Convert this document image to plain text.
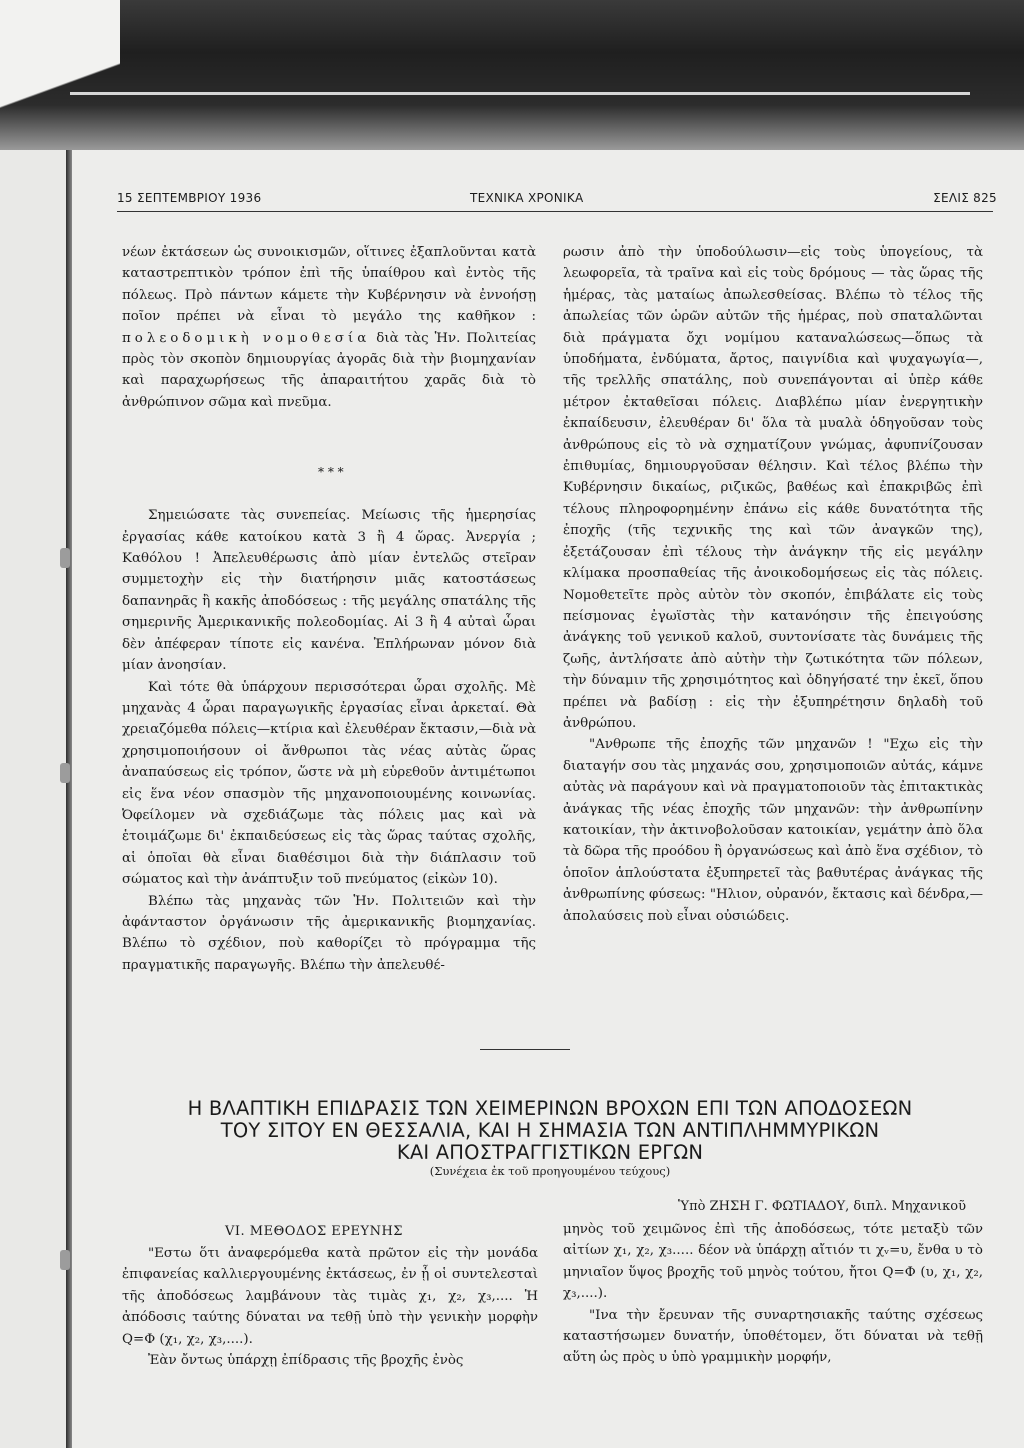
15 ΣΕΠΤΕΜΒΡΙΟΥ 1936	ΤΕΧΝΙΚΑ ΧΡΟΝΙΚΑ	ΣΕΛΙΣ 825

νέων ἐκτάσεων ὡς συνοικισμῶν, οἵτινες ἐξαπλοῦνται κατὰ καταστρεπτικὸν τρόπον ἐπὶ τῆς ὑπαίθρου καὶ ἐντὸς τῆς πόλεως. Πρὸ πάντων κάμετε τὴν Κυβέρνησιν νὰ ἐννοήσῃ ποῖον πρέπει νὰ εἶναι τὸ μεγάλο της καθῆκον : πολεοδομικὴ νομοθεσία διὰ τὰς Ἡν. Πολιτείας πρὸς τὸν σκοπὸν δημιουργίας ἀγορᾶς διὰ τὴν βιομηχανίαν καὶ παραχωρήσεως τῆς ἀπαραιτήτου χαρᾶς διὰ τὸ ἀνθρώπινον σῶμα καὶ πνεῦμα.

Σημειώσατε τὰς συνεπείας. Μείωσις τῆς ἡμερησίας ἐργασίας κάθε κατοίκου κατὰ 3 ἢ 4 ὥρας. Ἀνεργία ; Καθόλου ! Ἀπελευθέρωσις ἀπὸ μίαν ἐντελῶς στεῖραν συμμετοχὴν εἰς τὴν διατήρησιν μιᾶς κατοστάσεως δαπανηρᾶς ἢ κακῆς ἀποδόσεως : τῆς μεγάλης σπατάλης τῆς σημερινῆς Ἀμερικανικῆς πολεοδομίας. Αἱ 3 ἢ 4 αὐταὶ ὧραι δὲν ἀπέφεραν τίποτε εἰς κανένα. Ἐπλήρωναν μόνον διὰ μίαν ἀνοησίαν.

Καὶ τότε θὰ ὑπάρχουν περισσότεραι ὧραι σχολῆς. Μὲ μηχανὰς 4 ὧραι παραγωγικῆς ἐργασίας εἶναι ἀρκεταί. Θὰ χρειαζόμεθα πόλεις—κτίρια καὶ ἐλευθέραν ἔκτασιν,—διὰ νὰ χρησιμοποιήσουν οἱ ἄνθρωποι τὰς νέας αὐτὰς ὥρας ἀναπαύσεως εἰς τρόπον, ὥστε νὰ μὴ εὑρεθοῦν ἀντιμέτωποι εἰς ἕνα νέον σπασμὸν τῆς μηχανοποιουμένης κοινωνίας. Ὀφείλομεν νὰ σχεδιάζωμε τὰς πόλεις μας καὶ νὰ ἑτοιμάζωμε δι' ἐκπαιδεύσεως εἰς τὰς ὥρας ταύτας σχολῆς, αἱ ὁποῖαι θὰ εἶναι διαθέσιμοι διὰ τὴν διάπλασιν τοῦ σώματος καὶ τὴν ἀνάπτυξιν τοῦ πνεύματος (εἰκὼν 10).

Βλέπω τὰς μηχανὰς τῶν Ἡν. Πολιτειῶν καὶ τὴν ἀφάνταστον ὀργάνωσιν τῆς ἀμερικανικῆς βιομηχανίας. Βλέπω τὸ σχέδιον, ποὺ καθορίζει τὸ πρόγραμμα τῆς πραγματικῆς παραγωγῆς. Βλέπω τὴν ἀπελευθέ-

* * *

ρωσιν ἀπὸ τὴν ὑποδούλωσιν—εἰς τοὺς ὑπογείους, τὰ λεωφορεῖα, τὰ τραῖνα καὶ εἰς τοὺς δρόμους — τὰς ὥρας τῆς ἡμέρας, τὰς ματαίως ἀπωλεσθείσας. Βλέπω τὸ τέλος τῆς ἀπωλείας τῶν ὡρῶν αὐτῶν τῆς ἡμέρας, ποὺ σπαταλῶνται διὰ πράγματα ὄχι νομίμου καταναλώσεως—ὅπως τὰ ὑποδήματα, ἐνδύματα, ἄρτος, παιγνίδια καὶ ψυχαγωγία—, τῆς τρελλῆς σπατάλης, ποὺ συνεπάγονται αἱ ὑπὲρ κάθε μέτρον ἐκταθεῖσαι πόλεις. Διαβλέπω μίαν ἐνεργητικὴν ἐκπαίδευσιν, ἐλευθέραν δι' ὅλα τὰ μυαλὰ ὁδηγοῦσαν τοὺς ἀνθρώπους εἰς τὸ νὰ σχηματίζουν γνώμας, ἀφυπνίζουσαν ἐπιθυμίας, δημιουργοῦσαν θέλησιν. Καὶ τέλος βλέπω τὴν Κυβέρνησιν δικαίως, ριζικῶς, βαθέως καὶ ἐπακριβῶς ἐπὶ τέλους πληροφορημένην ἐπάνω εἰς κάθε δυνατότητα τῆς ἐποχῆς (τῆς τεχνικῆς της καὶ τῶν ἀναγκῶν της), ἐξετάζουσαν ἐπὶ τέλους τὴν ἀνάγκην τῆς εἰς μεγάλην κλίμακα προσπαθείας τῆς ἀνοικοδομήσεως εἰς τὰς πόλεις. Νομοθετεῖτε πρὸς αὐτὸν τὸν σκοπόν, ἐπιβάλατε εἰς τοὺς πείσμονας ἐγωϊστὰς τὴν κατανόησιν τῆς ἐπειγούσης ἀνάγκης τοῦ γενικοῦ καλοῦ, συντονίσατε τὰς δυνάμεις τῆς ζωῆς, ἀντλήσατε ἀπὸ αὐτὴν τὴν ζωτικότητα τῶν πόλεων, τὴν δύναμιν τῆς χρησιμότητος καὶ ὁδηγήσατέ την ἐκεῖ, ὅπου πρέπει νὰ βαδίσῃ : εἰς τὴν ἐξυπηρέτησιν δηλαδὴ τοῦ ἀνθρώπου.

"Ανθρωπε τῆς ἐποχῆς τῶν μηχανῶν ! "Εχω εἰς τὴν διαταγήν σου τὰς μηχανάς σου, χρησιμοποιῶν αὐτάς, κάμνε αὐτὰς νὰ παράγουν καὶ νὰ πραγματοποιοῦν τὰς ἐπιτακτικὰς ἀνάγκας τῆς νέας ἐποχῆς τῶν μηχανῶν: τὴν ἀνθρωπίνην κατοικίαν, τὴν ἀκτινοβολοῦσαν κατοικίαν, γεμάτην ἀπὸ ὅλα τὰ δῶρα τῆς προόδου ἢ ὀργανώσεως καὶ ἀπὸ ἕνα σχέδιον, τὸ ὁποῖον ἁπλούστατα ἐξυπηρετεῖ τὰς βαθυτέρας ἀνάγκας τῆς ἀνθρωπίνης φύσεως: "Ηλιον, οὐρανόν, ἔκτασις καὶ δένδρα,—ἀπολαύσεις ποὺ εἶναι οὐσιώδεις.

Η ΒΛΑΠΤΙΚΗ ΕΠΙΔΡΑΣΙΣ ΤΩΝ ΧΕΙΜΕΡΙΝΩΝ ΒΡΟΧΩΝ ΕΠΙ ΤΩΝ ΑΠΟΔΟΣΕΩΝ
ΤΟΥ ΣΙΤΟΥ ΕΝ ΘΕΣΣΑΛΙΑ, ΚΑΙ Η ΣΗΜΑΣΙΑ ΤΩΝ ΑΝΤΙΠΛΗΜΜΥΡΙΚΩΝ
ΚΑΙ ΑΠΟΣΤΡΑΓΓΙΣΤΙΚΩΝ ΕΡΓΩΝ
(Συνέχεια ἐκ τοῦ προηγουμένου τεύχους)
Ὑπὸ ΖΗΣΗ Γ. ΦΩΤΙΑΔΟΥ, διπλ. Μηχανικοῦ
VI. ΜΕΘΟΔΟΣ ΕΡΕΥΝΗΣ

"Εστω ὅτι ἀναφερόμεθα κατὰ πρῶτον εἰς τὴν μονάδα ἐπιφανείας καλλιεργουμένης ἐκτάσεως, ἐν ᾗ οἱ συντελεσταὶ τῆς ἀποδόσεως λαμβάνουν τὰς τιμὰς χ₁, χ₂, χ₃,.... Ἡ ἀπόδοσις ταύτης δύναται να τεθῇ ὑπὸ τὴν γενικὴν μορφὴν Q=Φ (χ₁, χ₂, χ₃,....).

Ἐὰν ὄντως ὑπάρχῃ ἐπίδρασις τῆς βροχῆς ἐνὸς

μηνὸς τοῦ χειμῶνος ἐπὶ τῆς ἀποδόσεως, τότε μεταξὺ τῶν αἰτίων χ₁, χ₂, χ₃..... δέον νὰ ὑπάρχῃ αἴτιόν τι χᵥ=υ, ἔνθα υ τὸ μηνιαῖον ὕψος βροχῆς τοῦ μηνὸς τούτου, ἤτοι Q=Φ (υ, χ₁, χ₂, χ₃,....).

"Ινα τὴν ἔρευναν τῆς συναρτησιακῆς ταύτης σχέσεως καταστήσωμεν δυνατήν, ὑποθέτομεν, ὅτι δύναται νὰ τεθῇ αὕτη ὡς πρὸς υ ὑπὸ γραμμικὴν μορφήν,
